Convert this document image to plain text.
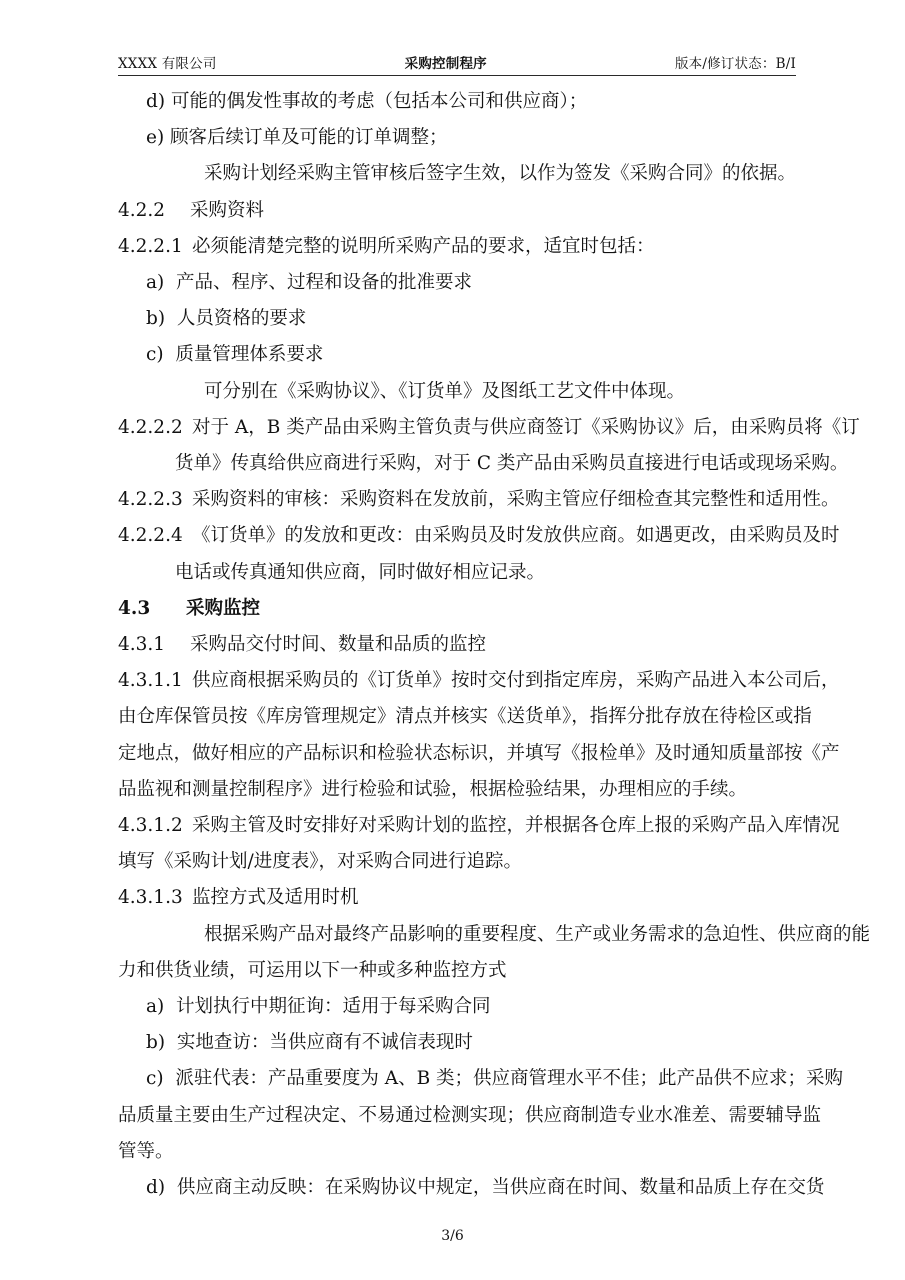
XXXX 有限公司	采购控制程序	版本/修订状态：B/I
d) 可能的偶发性事故的考虑（包括本公司和供应商）；
e) 顾客后续订单及可能的订单调整；
采购计划经采购主管审核后签字生效，以作为签发《采购合同》的依据。
4.2.2 采购资料
4.2.2.1 必须能清楚完整的说明所采购产品的要求，适宜时包括：
a)  产品、程序、过程和设备的批准要求
b)  人员资格的要求
c)  质量管理体系要求
可分别在《采购协议》、《订货单》及图纸工艺文件中体现。
4.2.2.2 对于 A，B 类产品由采购主管负责与供应商签订《采购协议》后，由采购员将《订
货单》传真给供应商进行采购，对于 C 类产品由采购员直接进行电话或现场采购。
4.2.2.3 采购资料的审核：采购资料在发放前，采购主管应仔细检查其完整性和适用性。
4.2.2.4 《订货单》的发放和更改：由采购员及时发放供应商。如遇更改，由采购员及时
电话或传真通知供应商，同时做好相应记录。
4.3 采购监控
4.3.1 采购品交付时间、数量和品质的监控
4.3.1.1 供应商根据采购员的《订货单》按时交付到指定库房，采购产品进入本公司后，
由仓库保管员按《库房管理规定》清点并核实《送货单》，指挥分批存放在待检区或指
定地点，做好相应的产品标识和检验状态标识，并填写《报检单》及时通知质量部按《产
品监视和测量控制程序》进行检验和试验，根据检验结果，办理相应的手续。
4.3.1.2 采购主管及时安排好对采购计划的监控，并根据各仓库上报的采购产品入库情况
填写《采购计划/进度表》，对采购合同进行追踪。
4.3.1.3 监控方式及适用时机
根据采购产品对最终产品影响的重要程度、生产或业务需求的急迫性、供应商的能
力和供货业绩，可运用以下一种或多种监控方式
a)  计划执行中期征询：适用于每采购合同
b)  实地查访：当供应商有不诚信表现时
c)  派驻代表：产品重要度为 A、B 类；供应商管理水平不佳；此产品供不应求；采购
品质量主要由生产过程决定、不易通过检测实现；供应商制造专业水准差、需要辅导监
管等。
d)  供应商主动反映：在采购协议中规定，当供应商在时间、数量和品质上存在交货
3/6
